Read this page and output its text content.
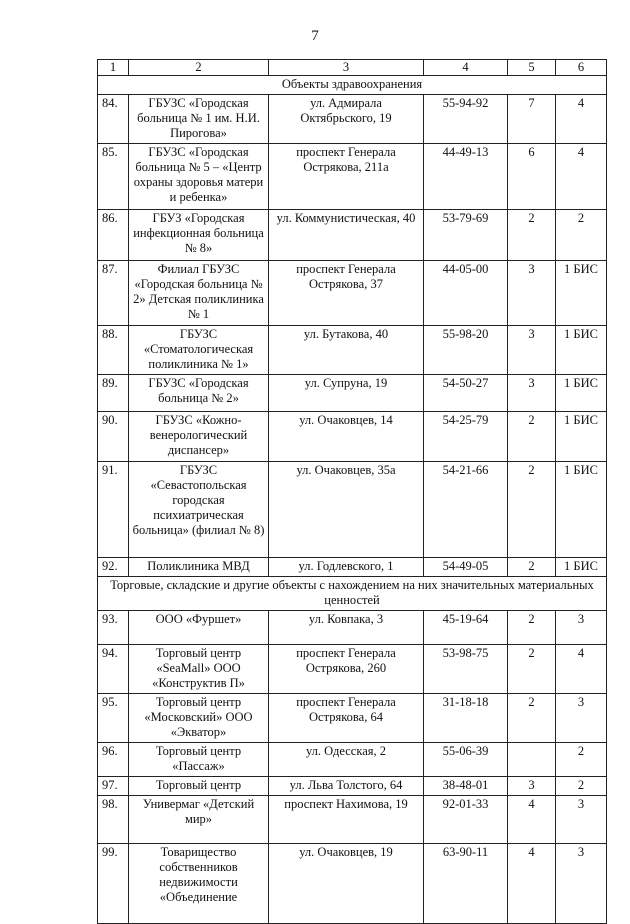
7
1	2	3	4	5	6
Объекты здравоохранения					
84.	ГБУЗС «Городская больница № 1 им. Н.И. Пирогова»	ул. Адмирала Октябрьского, 19	55-94-92	7	4
85.	ГБУЗС «Городская больница № 5 – «Центр охраны здоровья матери и ребенка»	проспект Генерала Острякова, 211а	44-49-13	6	4
86.	ГБУЗ «Городская инфекционная больница № 8»	ул. Коммунистическая, 40	53-79-69	2	2
87.	Филиал ГБУЗС «Городская больница № 2» Детская поликлиника № 1	проспект Генерала Острякова, 37	44-05-00	3	1 БИС
88.	ГБУЗС «Стоматологическая поликлиника № 1»	ул. Бутакова, 40	55-98-20	3	1 БИС
89.	ГБУЗС «Городская больница № 2»	ул. Супруна, 19	54-50-27	3	1 БИС
90.	ГБУЗС «Кожно-венерологический диспансер»	ул. Очаковцев, 14	54-25-79	2	1 БИС
91.	ГБУЗС «Севастопольская городская психиатрическая больница» (филиал № 8)	ул. Очаковцев, 35а	54-21-66	2	1 БИС
92.	Поликлиника МВД	ул. Годлевского, 1	54-49-05	2	1 БИС
Торговые, складские и другие объекты с нахождением на них значительных материальных ценностей					
93.	ООО «Фуршет»	ул. Ковпака, 3	45-19-64	2	3
94.	Торговый центр «SeaMall» ООО «Конструктив П»	проспект Генерала Острякова, 260	53-98-75	2	4
95.	Торговый центр «Московский» ООО «Экватор»	проспект Генерала Острякова, 64	31-18-18	2	3
96.	Торговый центр «Пассаж»	ул. Одесская, 2	55-06-39		2
97.	Торговый центр	ул. Льва Толстого, 64	38-48-01	3	2
98.	Универмаг «Детский мир»	проспект Нахимова, 19	92-01-33	4	3
99.	Товарищество собственников недвижимости «Объединение	ул. Очаковцев, 19	63-90-11	4	3
